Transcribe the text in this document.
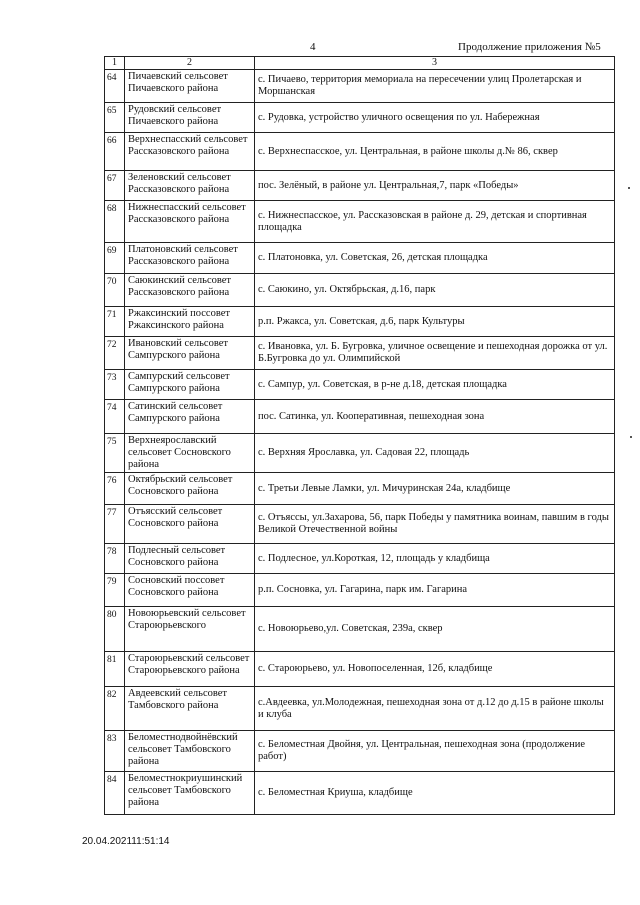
4	Продолжение приложения №5
1	2	3
64	Пичаевский сельсовет Пичаевского района	с. Пичаево, территория мемориала на пересечении улиц Пролетарская и Моршанская
65	Рудовский сельсовет Пичаевского района	с. Рудовка, устройство уличного освещения по ул. Набережная
66	Верхнеспасский сельсовет Рассказовского района	с. Верхнеспасское, ул. Центральная, в районе школы д.№ 86, сквер
67	Зеленовский сельсовет Рассказовского района	пос. Зелёный, в районе ул. Центральная,7, парк «Победы»
68	Нижнеспасский сельсовет Рассказовского района	с. Нижнеспасское, ул. Рассказовская в районе д. 29, детская и спортивная площадка
69	Платоновский сельсовет Рассказовского района	с. Платоновка, ул. Советская, 26, детская площадка
70	Саюкинский сельсовет Рассказовского района	с. Саюкино, ул. Октябрьская, д.16, парк
71	Ржаксинский поссовет Ржаксинского района	р.п. Ржакса, ул. Советская, д.6, парк Культуры
72	Ивановский сельсовет Сампурского района	с. Ивановка, ул. Б. Бугровка, уличное освещение и пешеходная дорожка от ул. Б.Бугровка до ул. Олимпийской
73	Сампурский сельсовет Сампурского района	с. Сампур, ул. Советская, в р-не д.18, детская площадка
74	Сатинский сельсовет Сампурского района	пос. Сатинка, ул. Кооперативная, пешеходная зона
75	Верхнеярославский сельсовет Сосновского района	с. Верхняя Ярославка, ул. Садовая 22, площадь
76	Октябрьский сельсовет Сосновского района	с. Третьи Левые Ламки, ул. Мичуринская 24а, кладбище
77	Отъясский сельсовет Сосновского района	с. Отъяссы, ул.Захарова, 56, парк Победы у памятника воинам, павшим в годы Великой Отечественной войны
78	Подлесный сельсовет Сосновского района	с. Подлесное, ул.Короткая, 12, площадь у кладбища
79	Сосновский поссовет Сосновского района	р.п. Сосновка, ул. Гагарина, парк им. Гагарина
80	Новоюрьевский сельсовет Староюрьевского	с. Новоюрьево,ул. Советская, 239а, сквер
81	Староюрьевский сельсовет Староюрьевского района	с. Староюрьево, ул. Новопоселенная, 12б, кладбище
82	Авдеевский сельсовет Тамбовского района	с.Авдеевка, ул.Молодежная, пешеходная зона от д.12 до д.15 в районе школы и клуба
83	Беломестнодвойнёвский сельсовет Тамбовского района	с. Беломестная Двойня, ул. Центральная, пешеходная зона (продолжение работ)
84	Беломестнокриушинский сельсовет Тамбовского района	с. Беломестная Криуша, кладбище
20.04.202111:51:14
